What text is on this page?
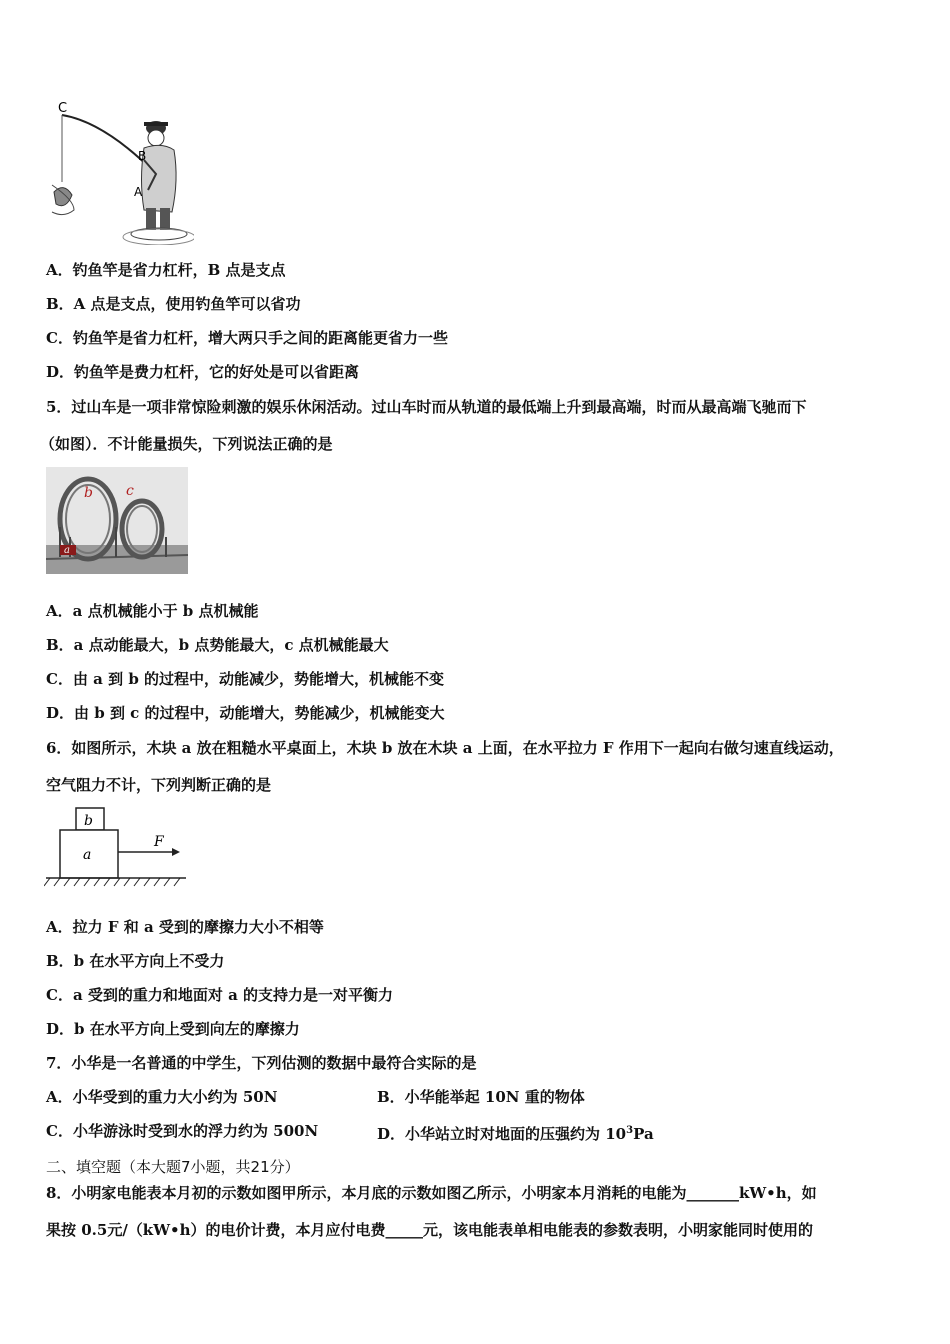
C
B
A
A．钓鱼竿是省力杠杆，B 点是支点
B．A 点是支点，使用钓鱼竿可以省功
C．钓鱼竿是省力杠杆，增大两只手之间的距离能更省力一些
D．钓鱼竿是费力杠杆，它的好处是可以省距离
5．过山车是一项非常惊险刺激的娱乐休闲活动。过山车时而从轨道的最低端上升到最高端，时而从最高端飞驰而下
（如图）．不计能量损失，下列说法正确的是
b c
a
A．a 点机械能小于 b 点机械能
B．a 点动能最大，b 点势能最大，c 点机械能最大
C．由 a 到 b 的过程中，动能减少，势能增大，机械能不变
D．由 b 到 c 的过程中，动能增大，势能减少，机械能变大
6．如图所示，木块 a 放在粗糙水平桌面上，木块 b 放在木块 a 上面，在水平拉力 F 作用下一起向右做匀速直线运动，
空气阻力不计，下列判断正确的是
b
a
F
A．拉力 F 和 a 受到的摩擦力大小不相等
B．b 在水平方向上不受力
C．a 受到的重力和地面对 a 的支持力是一对平衡力
D．b 在水平方向上受到向左的摩擦力
7．小华是一名普通的中学生，下列估测的数据中最符合实际的是
A．小华受到的重力大小约为 50N	B．小华能举起 10N 重的物体
C．小华游泳时受到水的浮力约为 500N	D．小华站立时对地面的压强约为 $10^3Pa$
二、填空题（本大题7小题，共21分）
8．小明家电能表本月初的示数如图甲所示，本月底的示数如图乙所示，小明家本月消耗的电能为_______kW•h，如
果按 0.5元/（kW•h）的电价计费，本月应付电费_____元，该电能表单相电能表的参数表明，小明家能同时使用的
